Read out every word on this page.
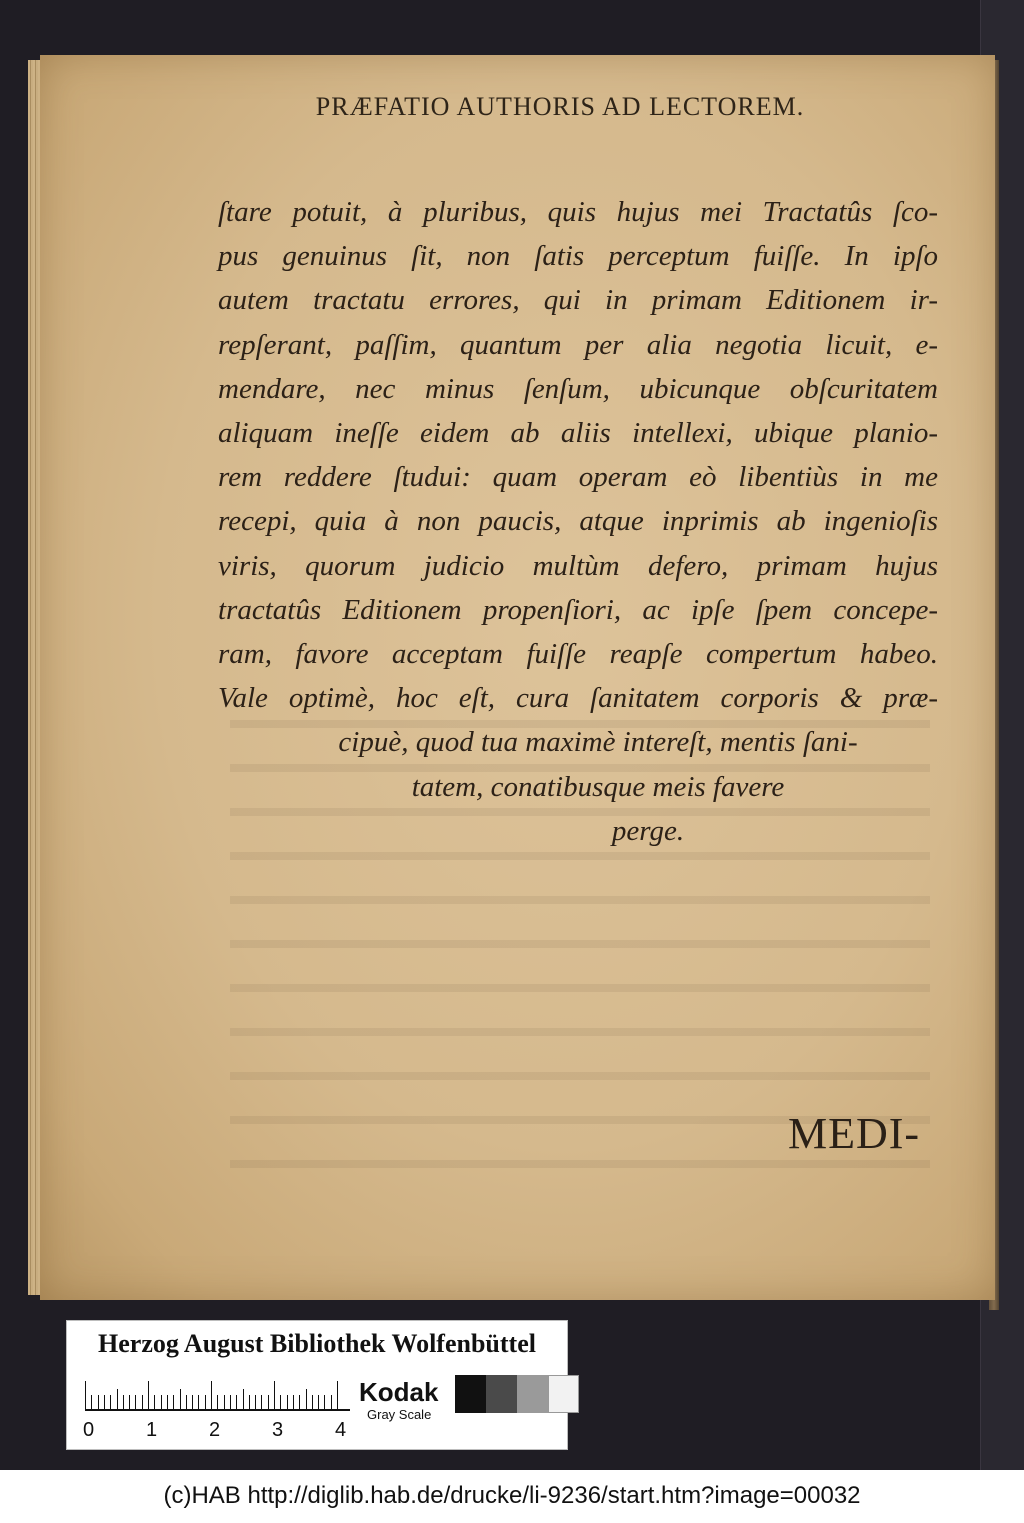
PRÆFATIO AUTHORIS AD LECTOREM.
ſtare potuit, à pluribus, quis hujus mei Tractatûs ſco-
pus genuinus ſit, non ſatis perceptum fuiſſe. In ipſo
autem tractatu errores, qui in primam Editionem ir-
repſerant, paſſim, quantum per alia negotia licuit, e-
mendare, nec minus ſenſum, ubicunque obſcuritatem
aliquam ineſſe eidem ab aliis intellexi, ubique planio-
rem reddere ſtudui: quam operam eò libentiùs in me
recepi, quia à non paucis, atque inprimis ab ingenioſis
viris, quorum judicio multùm defero, primam hujus
tractatûs Editionem propenſiori, ac ipſe ſpem concepe-
ram, favore acceptam fuiſſe reapſe compertum habeo.
Vale optimè, hoc eſt, cura ſanitatem corporis & præ-
cipuè, quod tua maximè intereſt, mentis ſani-
tatem, conatibusque meis favere
perge.
MEDI-
Herzog August Bibliothek Wolfenbüttel
0	1	2	3	4
Kodak
Gray Scale
(c)HAB http://diglib.hab.de/drucke/li-9236/start.htm?image=00032
